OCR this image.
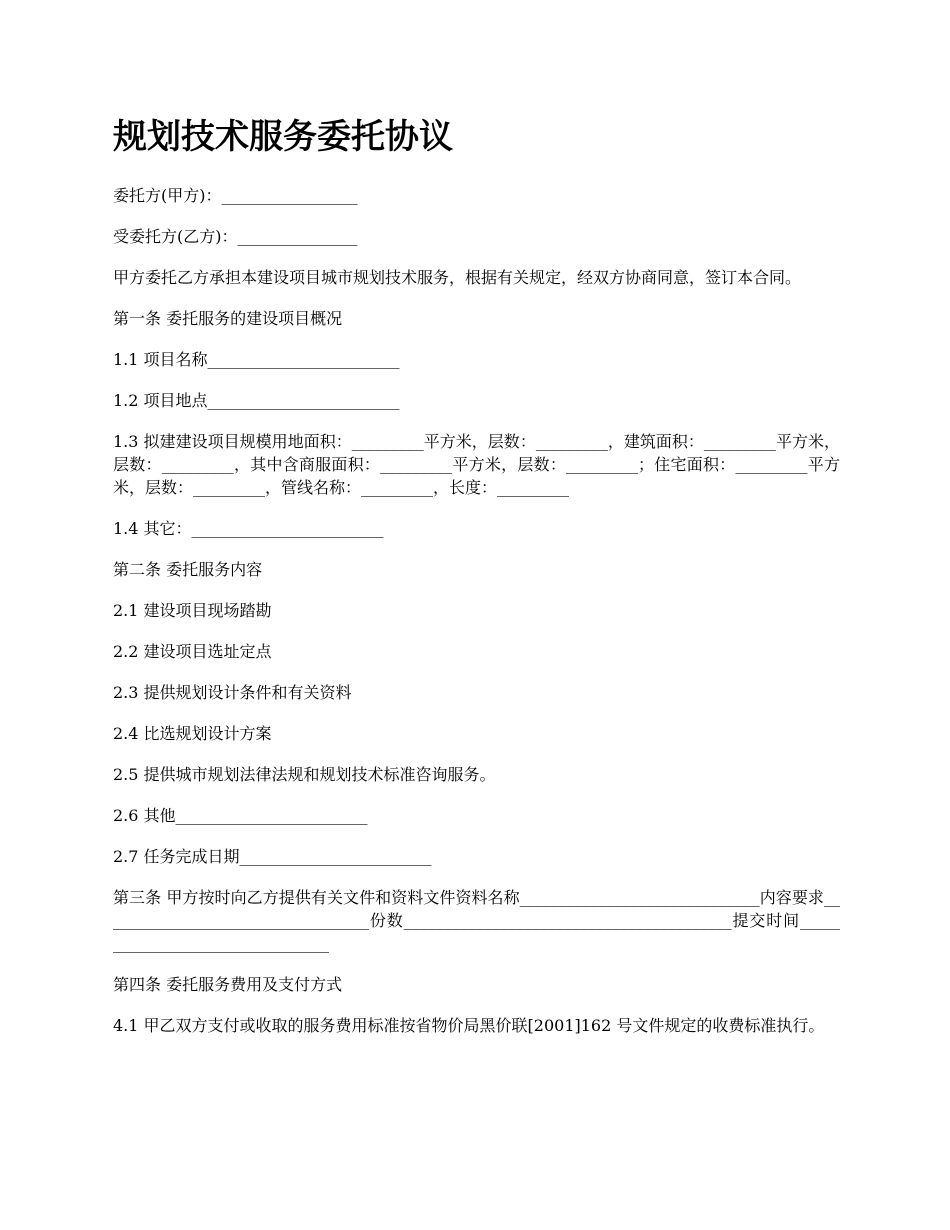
规划技术服务委托协议

委托方(甲方)：_________________

受委托方(乙方)：_______________

甲方委托乙方承担本建设项目城市规划技术服务，根据有关规定，经双方协商同意，签订本合同。

第一条 委托服务的建设项目概况

1.1 项目名称________________________

1.2 项目地点________________________

1.3 拟建建设项目规模用地面积：_________平方米，层数：_________，建筑面积：_________平方米，层数：_________，其中含商服面积：_________平方米，层数：_________；住宅面积：_________平方米，层数：_________，管线名称：_________，长度：_________

1.4 其它：________________________

第二条 委托服务内容

2.1 建设项目现场踏勘

2.2 建设项目选址定点

2.3 提供规划设计条件和有关资料

2.4 比选规划设计方案

2.5 提供城市规划法律法规和规划技术标准咨询服务。

2.6 其他________________________

2.7 任务完成日期________________________

第三条 甲方按时向乙方提供有关文件和资料文件资料名称______________________________内容要求__________________________________份数_________________________________________提交时间________________________________

第四条 委托服务费用及支付方式

4.1 甲乙双方支付或收取的服务费用标准按省物价局黑价联[2001]162 号文件规定的收费标准执行。
